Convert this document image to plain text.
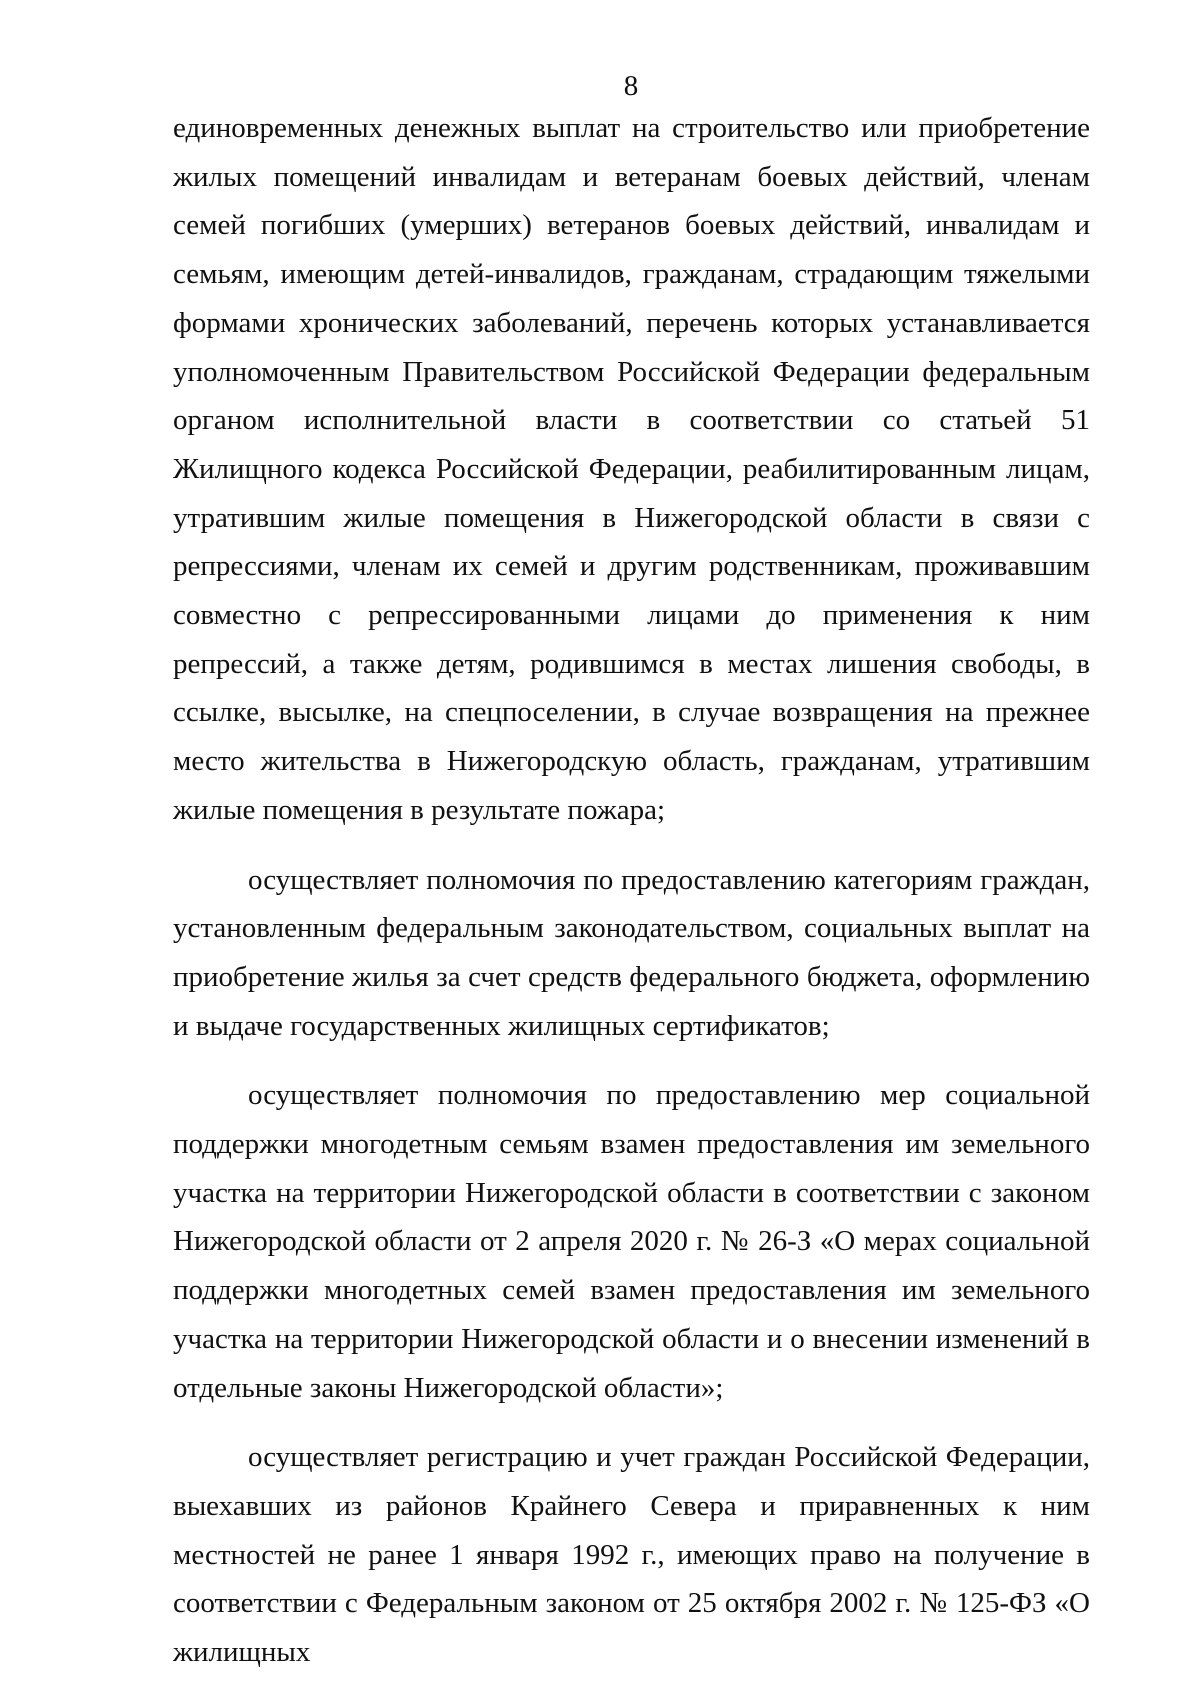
8

единовременных денежных выплат на строительство или приобретение жилых помещений инвалидам и ветеранам боевых действий, членам семей погибших (умерших) ветеранов боевых действий, инвалидам и семьям, имеющим детей-инвалидов, гражданам, страдающим тяжелыми формами хронических заболеваний, перечень которых устанавливается уполномоченным Правительством Российской Федерации федеральным органом исполнительной власти в соответствии со статьей 51 Жилищного кодекса Российской Федерации, реабилитированным лицам, утратившим жилые помещения в Нижегородской области в связи с репрессиями, членам их семей и другим родственникам, проживавшим совместно с репрессированными лицами до применения к ним репрессий, а также детям, родившимся в местах лишения свободы, в ссылке, высылке, на спецпоселении, в случае возвращения на прежнее место жительства в Нижегородскую область, гражданам, утратившим жилые помещения в результате пожара;

осуществляет полномочия по предоставлению категориям граждан, установленным федеральным законодательством, социальных выплат на приобретение жилья за счет средств федерального бюджета, оформлению и выдаче государственных жилищных сертификатов;

осуществляет полномочия по предоставлению мер социальной поддержки многодетным семьям взамен предоставления им земельного участка на территории Нижегородской области в соответствии с законом Нижегородской области от 2 апреля 2020 г. № 26-З «О мерах социальной поддержки многодетных семей взамен предоставления им земельного участка на территории Нижегородской области и о внесении изменений в отдельные законы Нижегородской области»;

осуществляет регистрацию и учет граждан Российской Федерации, выехавших из районов Крайнего Севера и приравненных к ним местностей не ранее 1 января 1992 г., имеющих право на получение в соответствии с Федеральным законом от 25 октября 2002 г. № 125-ФЗ «О жилищных
